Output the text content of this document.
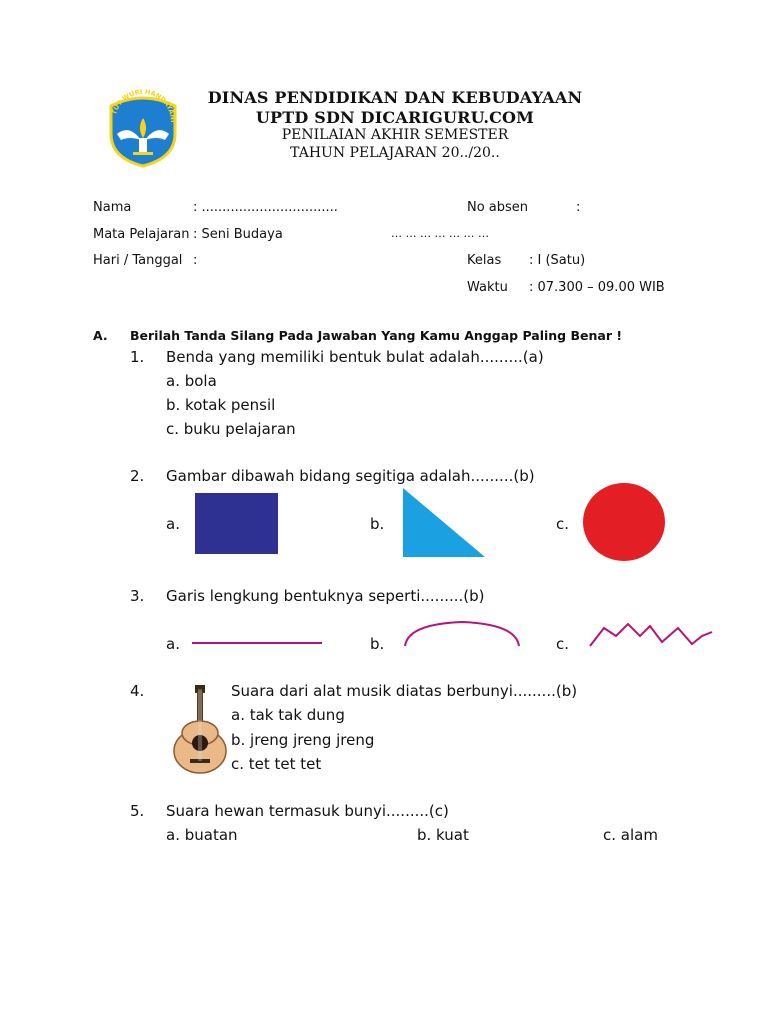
TUT WURI HANDAYANI
DINAS PENDIDIKAN DAN KEBUDAYAAN
UPTD SDN DICARIGURU.COM
PENILAIAN AKHIR SEMESTER
TAHUN PELAJARAN 20../20..
Nama	: .................................	No absen	:
Mata Pelajaran : Seni Budaya	… … … … … … …
Hari / Tanggal :	Kelas : I (Satu)
Waktu : 07.300 – 09.00 WIB
A. Berilah Tanda Silang Pada Jawaban Yang Kamu Anggap Paling Benar !
1. Benda yang memiliki bentuk bulat adalah.........(a)
a. bola
b. kotak pensil
c. buku pelajaran
2. Gambar dibawah bidang segitiga adalah.........(b)
a.	b.	c.
3. Garis lengkung bentuknya seperti.........(b)
a.	b.	c.
4.	Suara dari alat musik diatas berbunyi.........(b)
a. tak tak dung
b. jreng jreng jreng
c. tet tet tet
5. Suara hewan termasuk bunyi.........(c)
a. buatan	b. kuat	c. alam
